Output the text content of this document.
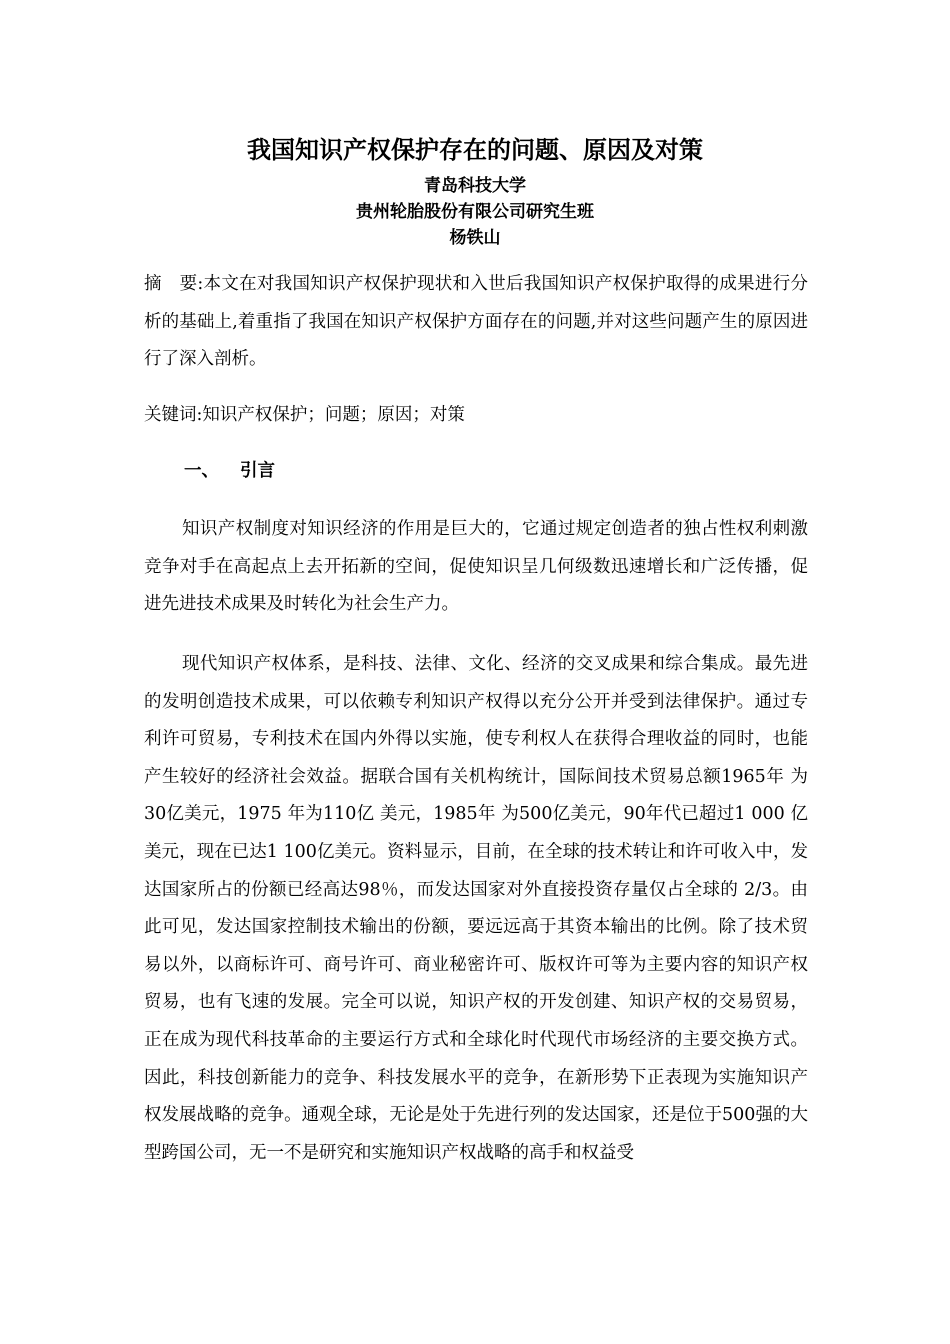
我国知识产权保护存在的问题、原因及对策
青岛科技大学
贵州轮胎股份有限公司研究生班
杨铁山
摘　要:本文在对我国知识产权保护现状和入世后我国知识产权保护取得的成果进行分析的基础上,着重指了我国在知识产权保护方面存在的问题,并对这些问题产生的原因进行了深入剖析。
关键词:知识产权保护；问题；原因；对策
一、 引言
知识产权制度对知识经济的作用是巨大的，它通过规定创造者的独占性权利刺激竞争对手在高起点上去开拓新的空间，促使知识呈几何级数迅速增长和广泛传播，促进先进技术成果及时转化为社会生产力。
现代知识产权体系，是科技、法律、文化、经济的交叉成果和综合集成。最先进的发明创造技术成果，可以依赖专利知识产权得以充分公开并受到法律保护。通过专利许可贸易，专利技术在国内外得以实施，使专利权人在获得合理收益的同时，也能产生较好的经济社会效益。据联合国有关机构统计，国际间技术贸易总额1965年 为30亿美元，1975 年为110亿 美元，1985年 为500亿美元，90年代已超过1 000 亿美元，现在已达1 100亿美元。资料显示，目前，在全球的技术转让和许可收入中，发达国家所占的份额已经高达98％，而发达国家对外直接投资存量仅占全球的 2/3。由此可见，发达国家控制技术输出的份额，要远远高于其资本输出的比例。除了技术贸易以外，以商标许可、商号许可、商业秘密许可、版权许可等为主要内容的知识产权贸易，也有飞速的发展。完全可以说，知识产权的开发创建、知识产权的交易贸易，正在成为现代科技革命的主要运行方式和全球化时代现代市场经济的主要交换方式。因此，科技创新能力的竞争、科技发展水平的竞争，在新形势下正表现为实施知识产权发展战略的竞争。通观全球，无论是处于先进行列的发达国家，还是位于500强的大型跨国公司，无一不是研究和实施知识产权战略的高手和权益受
